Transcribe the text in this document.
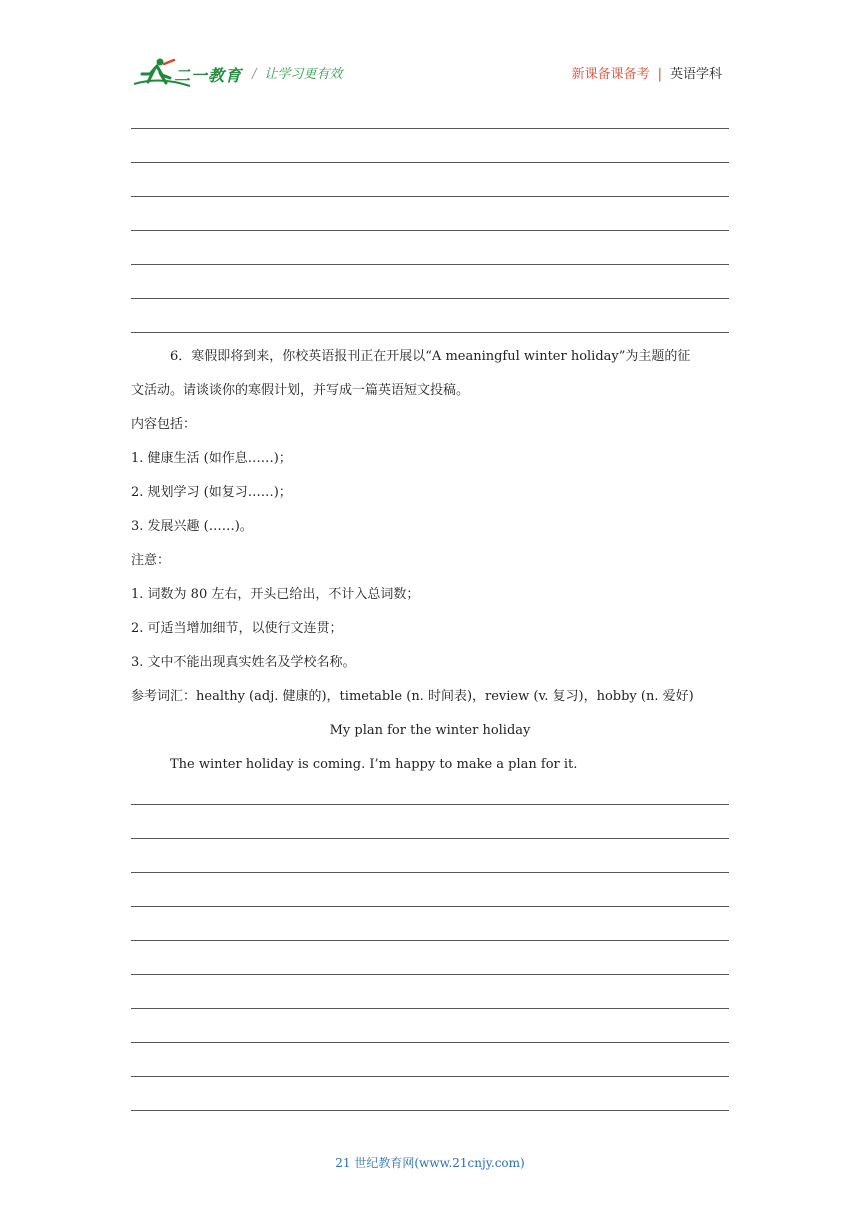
二一教育 / 让学习更有效	新课备课备考 | 英语学科
6．寒假即将到来，你校英语报刊正在开展以“A meaningful winter holiday”为主题的征
文活动。请谈谈你的寒假计划，并写成一篇英语短文投稿。
内容包括：
1. 健康生活 (如作息……)；
2. 规划学习 (如复习……)；
3. 发展兴趣 (……)。
注意：
1. 词数为 80 左右，开头已给出，不计入总词数；
2. 可适当增加细节，以使行文连贯；
3. 文中不能出现真实姓名及学校名称。
参考词汇：healthy (adj. 健康的)，timetable (n. 时间表)，review (v. 复习)，hobby (n. 爱好)
My plan for the winter holiday
The winter holiday is coming. I’m happy to make a plan for it.
21 世纪教育网(www.21cnjy.com)
